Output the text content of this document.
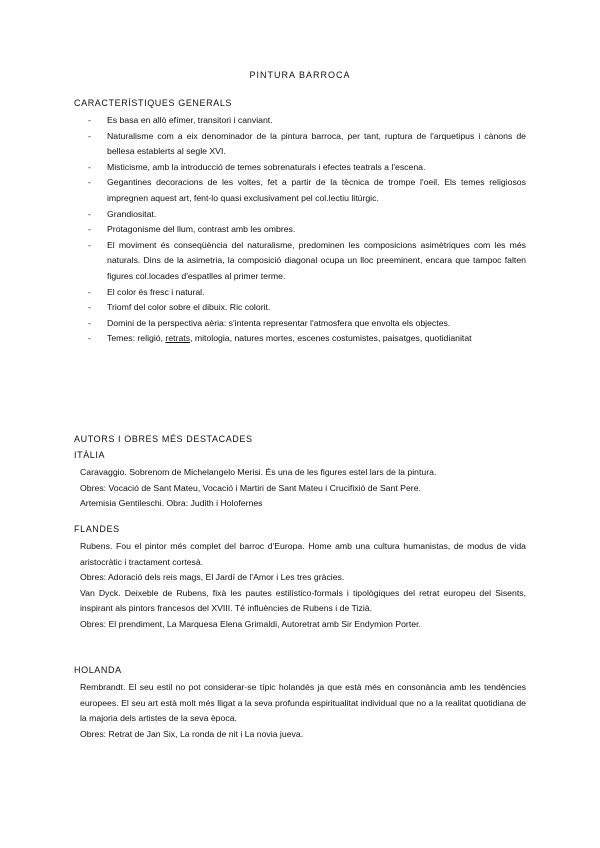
PINTURA BARROCA
CARACTERÍSTIQUES GENERALS
- Es basa en allò efímer, transitori i canviant.
- Naturalisme com a eix denominador de la pintura barroca, per tant, ruptura de l'arquetipus i cànons de bellesa establerts al segle XVI.
- Misticisme, amb la introducció de temes sobrenaturals i efectes teatrals a l'escena.
- Gegantines decoracions de les voltes, fet a partir de la tècnica de trompe l'oeil. Els temes religiosos impregnen aquest art, fent-lo quasi exclusivament pel col.lectiu litúrgic.
- Grandiositat.
- Protagonisme del llum, contrast amb les ombres.
- El moviment és conseqüència del naturalisme, predominen les composicions asimètriques com les més naturals. Dins de la asimetria, la composició diagonal ocupa un lloc preeminent, encara que tampoc falten figures col.locades d'espatlles al primer terme.
- El color és fresc i natural.
- Triomf del color sobre el dibuix. Ric colorit.
- Domini de la perspectiva aèria: s'intenta representar l'atmosfera que envolta els objectes.
- Temes: religió, retrats, mitologia, natures mortes, escenes costumistes, paisatges, quotidianitat
AUTORS I OBRES MÉS DESTACADES
ITÀLIA

Caravaggio. Sobrenom de Michelangelo Merisi. És una de les figures estel lars de la pintura.

Obres: Vocació de Sant Mateu, Vocació i Martiri de Sant Mateu i Crucifixió de Sant Pere.

Artemisia Gentileschi. Obra: Judith i Holofernes

FLANDES

Rubens. Fou el pintor més complet del barroc d'Europa. Home amb una cultura humanistas, de modus de vida aristocràtic i tractament cortesà.

Obres: Adoració dels reis mags, El Jardí de l'Amor i Les tres gràcies.

Van Dyck. Deixeble de Rubens, fixà les pautes estilístico-formals i tipològiques del retrat europeu del Sisents, inspirant als pintors francesos del XVIII. Té influències de Rubens i de Tizià.

Obres: El prendiment, La Marquesa Elena Grimaldi, Autoretrat amb Sir Endymion Porter.

HOLANDA

Rembrandt. El seu estil no pot considerar-se típic holandès ja que està més en consonància amb les tendències europees. El seu art està molt més lligat a la seva profunda espiritualitat individual que no a la realitat quotidiana de la majoria dels artistes de la seva època.

Obres: Retrat de Jan Six, La ronda de nit i La novia jueva.
